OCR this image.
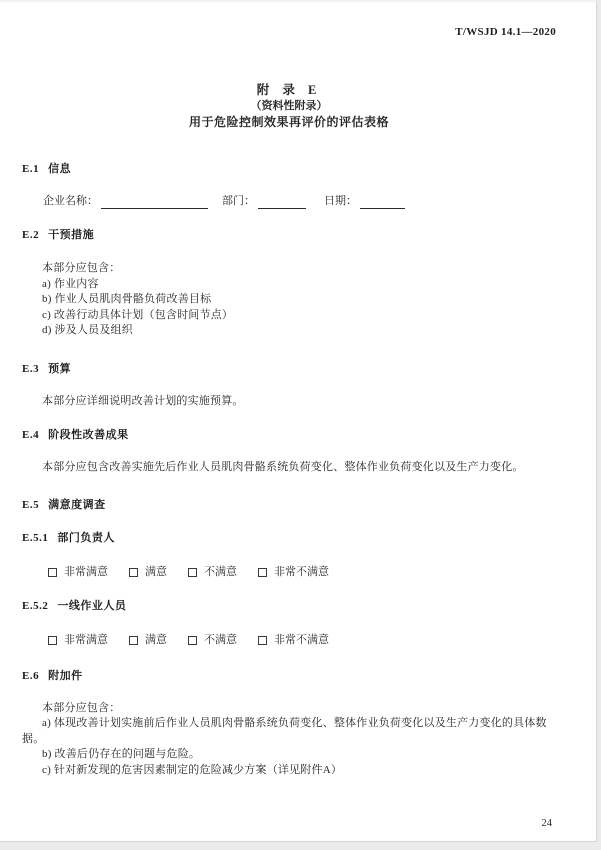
T/WSJD 14.1—2020

附 录 E

（资料性附录）

用于危险控制效果再评价的评估表格

E.1 信息

企业名称：	部门：	日期：

E.2 干预措施

本部分应包含：

a) 作业内容

b) 作业人员肌肉骨骼负荷改善目标

c) 改善行动具体计划（包含时间节点）

d) 涉及人员及组织

E.3 预算

本部分应详细说明改善计划的实施预算。

E.4 阶段性改善成果

本部分应包含改善实施先后作业人员肌肉骨骼系统负荷变化、整体作业负荷变化以及生产力变化。

E.5 满意度调查

E.5.1 部门负责人

非常满意	满意	不满意	非常不满意

E.5.2 一线作业人员

非常满意	满意	不满意	非常不满意

E.6 附加件

本部分应包含：

a) 体现改善计划实施前后作业人员肌肉骨骼系统负荷变化、整体作业负荷变化以及生产力变化的具体数据。

b) 改善后仍存在的问题与危险。

c) 针对新发现的危害因素制定的危险减少方案（详见附件A）

24
